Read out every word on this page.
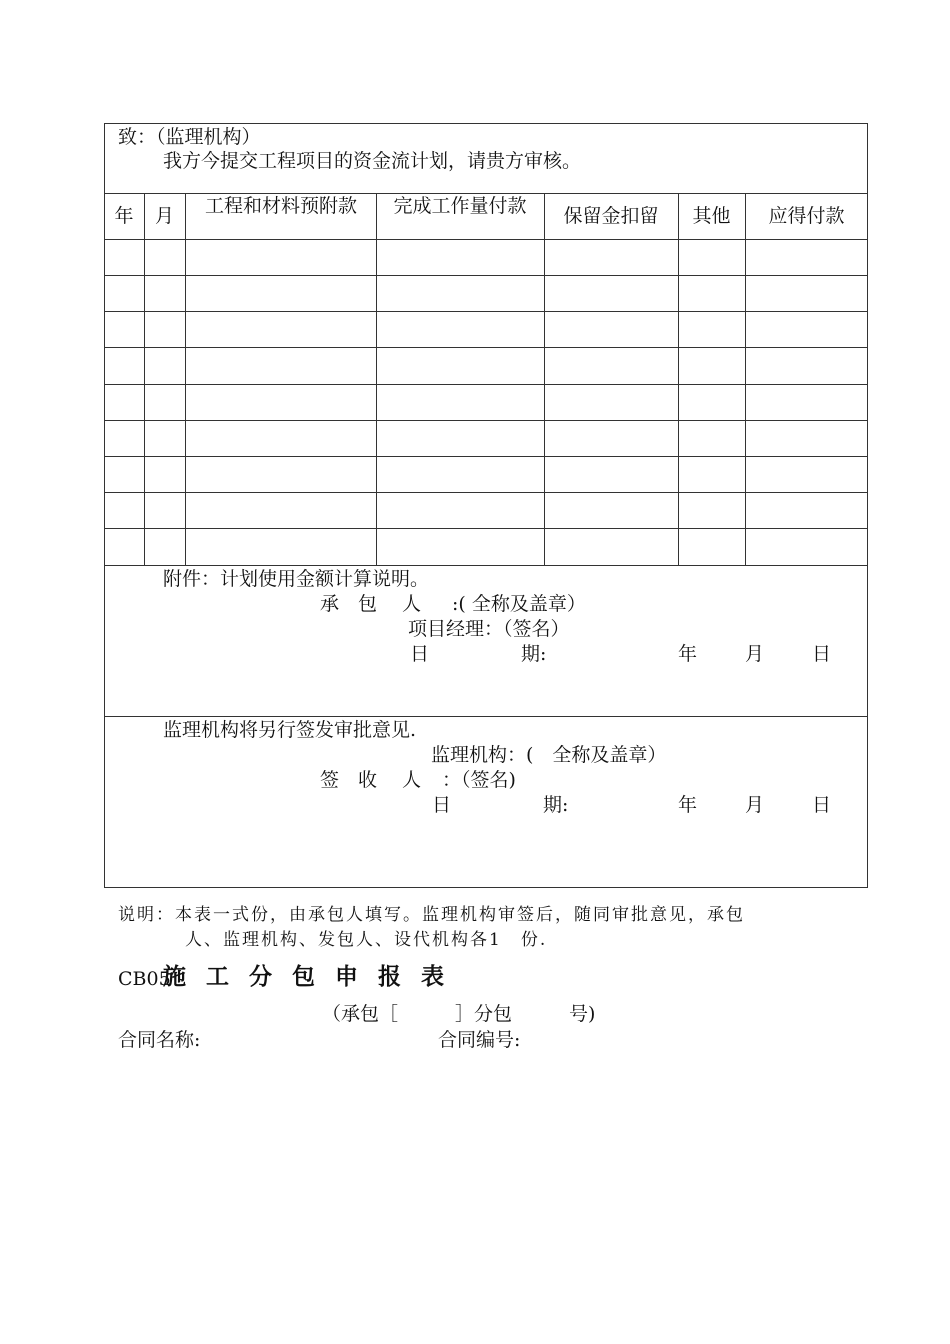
致：（监理机构）
我方今提交工程项目的资金流计划，请贵方审核。
年	月	工程和材料预附款	完成工作量付款	保留金扣留	其他	应得付款
附件：计划使用金额计算说明。
承　包　 人 :( 全称及盖章）
项目经理：（签名）
日	期:	年	月	日
监理机构将另行签发审批意见.
监理机构：(　全称及盖章）
签　收　 人 ：（签名)
日	期:	年	月	日
说明：本表一式份，由承包人填写。监理机构审签后，随同审批意见，承包
人、监理机构、发包人、设代机构各1　份.
CB05
施 工 分 包 申 报 表
（承包［　　　］分包　　　号)
合同名称:	合同编号:
